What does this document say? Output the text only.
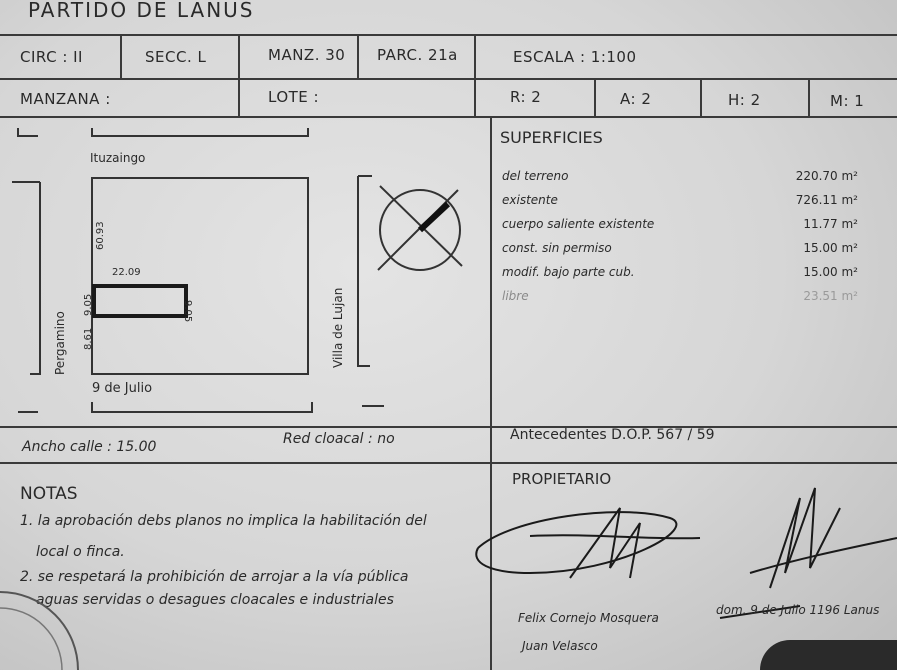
PARTIDO DE LANUS
CIRC : II	SECC. L	MANZ. 30 PARC. 21a	ESCALA : 1:100
MANZANA :	LOTE :	R: 2	A: 2	H: 2	M: 1
Ituzaingo
Pergamino	Villa de Lujan
9 de Julio
22.09
9.05
9.05
8.61
60.93
SUPERFICIES
del terreno	220.70 m²
existente	726.11 m²
cuerpo saliente existente	11.77 m²
const. sin permiso	15.00 m²
modif. bajo parte cub.	15.00 m²
libre	23.51 m²
Ancho calle : 15.00	Red cloacal : no	Antecedentes D.O.P. 567 / 59
NOTAS
1. la aprobación debs planos no implica la habilitación del
local o finca.
2. se respetará la prohibición de arrojar a la vía pública
aguas servidas o desagues cloacales e industriales
PROPIETARIO
Felix Cornejo Mosquera
dom. 9 de Julio 1196 Lanus
Juan Velasco
